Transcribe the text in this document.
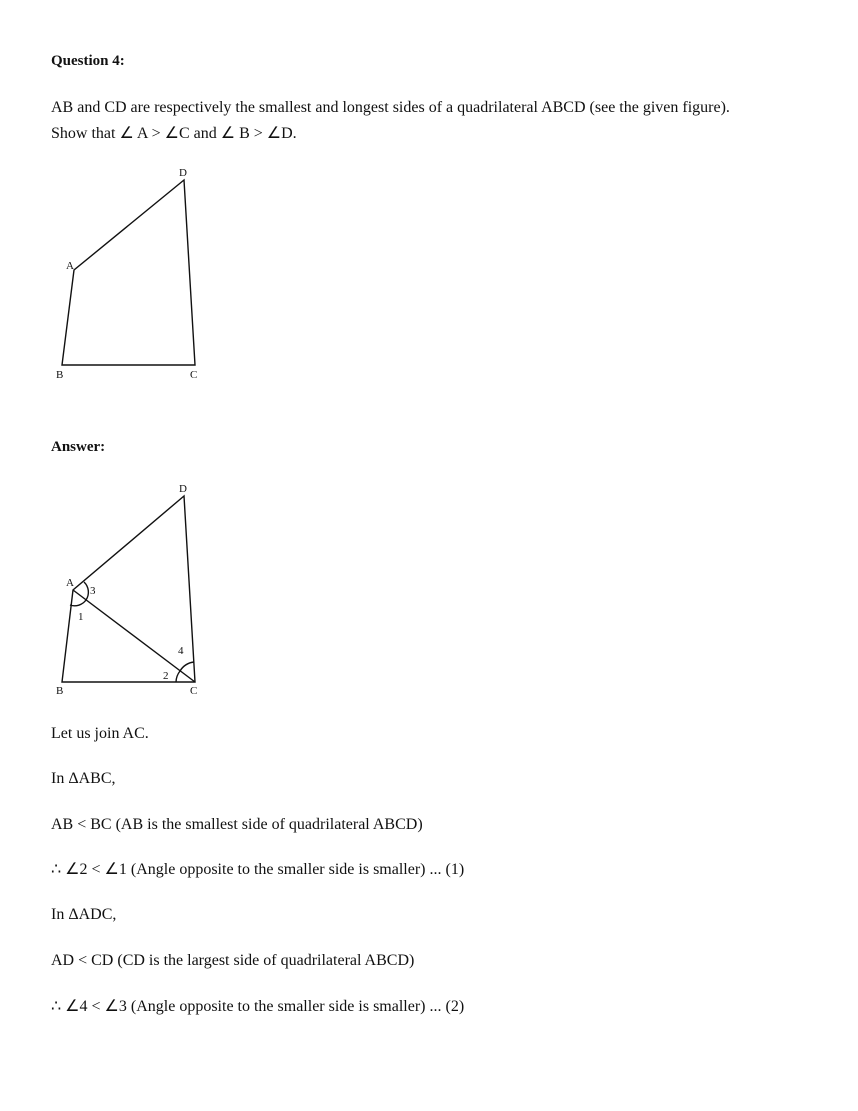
Question 4:
AB and CD are respectively the smallest and longest sides of a quadrilateral ABCD (see the given figure).
Show that ∠ A > ∠C and ∠ B > ∠D.
D
A
B	C
D
A
B	C
1
2
3
4
Answer:
Let us join AC.
In ΔABC,
AB < BC (AB is the smallest side of quadrilateral ABCD)
∴ ∠2 < ∠1 (Angle opposite to the smaller side is smaller) ... (1)
In ΔADC,
AD < CD (CD is the largest side of quadrilateral ABCD)
∴ ∠4 < ∠3 (Angle opposite to the smaller side is smaller) ... (2)
